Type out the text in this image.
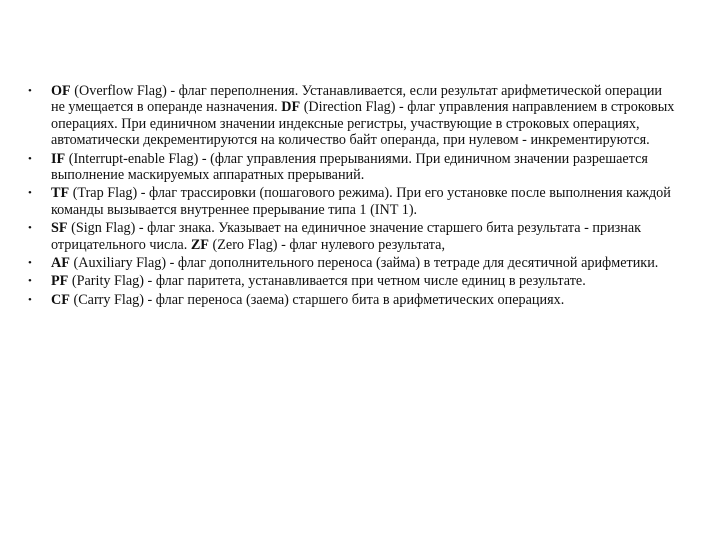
• OF (Overflow Flag) - флаг переполнения. Устанавливается, если результат арифметической операции не умещается в операнде назначения. DF (Direction Flag) - флаг управления направлением в строковых операциях. При единичном значении индексные регистры, участвующие в строковых операциях, автоматически декрементируются на количество байт операнда, при нулевом - инкрементируются.
• IF (Interrupt-enable Flag) - (флаг управления прерываниями. При единичном значении разрешается выполнение маскируемых аппаратных прерываний.
• TF (Trap Flag) - флаг трассировки (пошагового режима). При его установке после выполнения каждой команды вызывается внутреннее прерывание типа 1 (INT 1).
• SF (Sign Flag) - флаг знака. Указывает на единичное значение старшего бита результата - признак отрицательного числа. ZF (Zero Flag) - флаг нулевого результата,
• AF (Auxiliary Flag) - флаг дополнительного переноса (займа) в тетраде для десятичной арифметики.
• PF (Parity Flag) - флаг паритета, устанавливается при четном числе единиц в результате.
• CF (Carry Flag) - флаг переноса (заема) старшего бита в арифметических операциях.
